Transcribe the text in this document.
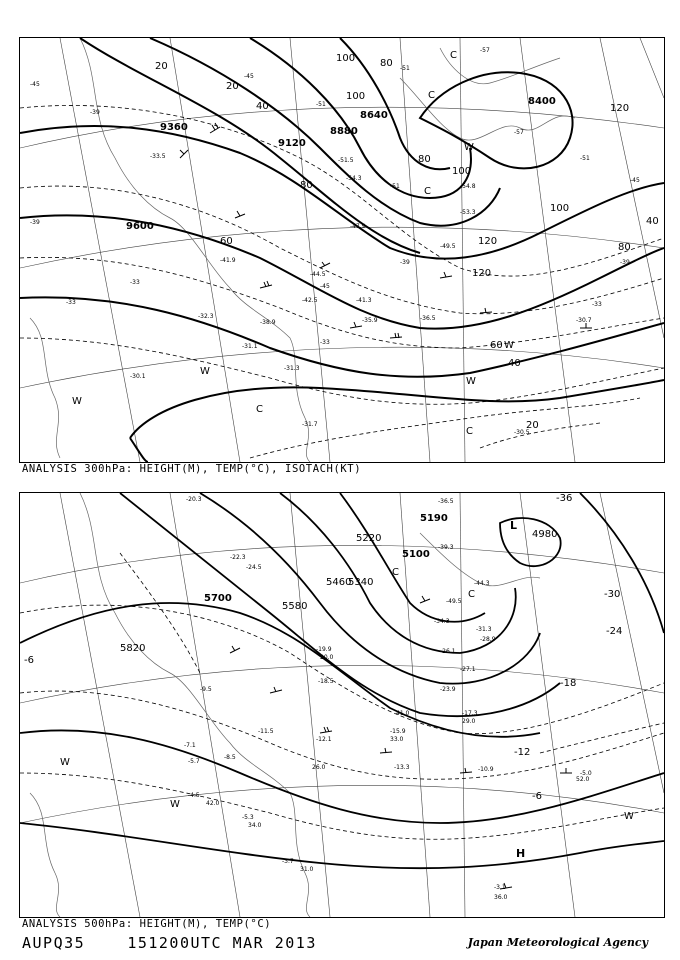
9360
9120
8880
8640
8400
9600
20
20
40
100 80
100
80
60
80
100
120
120
100
80
40
60
40
20
120
-45
-39
-39
-33
-33
-45
-51
-51
-57
-57
-51
-45
-39
-33
-33
-39
-45
-51
-30.7
-31.1
-31.3
-31.7
-30.5
-30.1
-35.9	-36.5
-41.3
-44.5
-47.9
-49.5
-53.3
-54.3
-54.8
-51.5
-42.5
-41.9
-38.9
-32.3
-33.5
W
W
W
W
W
C
C
C
C
C
ANALYSIS 300hPa: HEIGHT(M), TEMP(°C), ISOTACH(KT)
5700
5580
5460
5340
5220
5100
5190
4980
5820
-6
-12
-18
-24
-30
-36
-6
-20.3
-22.3
-24.5
-19.9
-18.5
-15.9
-13.3
-12.1
-11.5
-9.5
-8.5
-7.1
-5.7
-4.5
-3.7
-5.3
-10.9
-17.3
-23.9
-26.1
-27.1
-28.9
-31.3
-34.3
-36.5
-39.3
-44.3
-49.5
-3.1
36.0
52.0
-5.0
42.0
31.0
34.0
26.0
33.0
41.0
29.0
20.0
W
W
W
C
C
L
H
ANALYSIS 500hPa: HEIGHT(M), TEMP(°C)
AUPQ35	151200UTC MAR 2013	Japan Meteorological Agency
